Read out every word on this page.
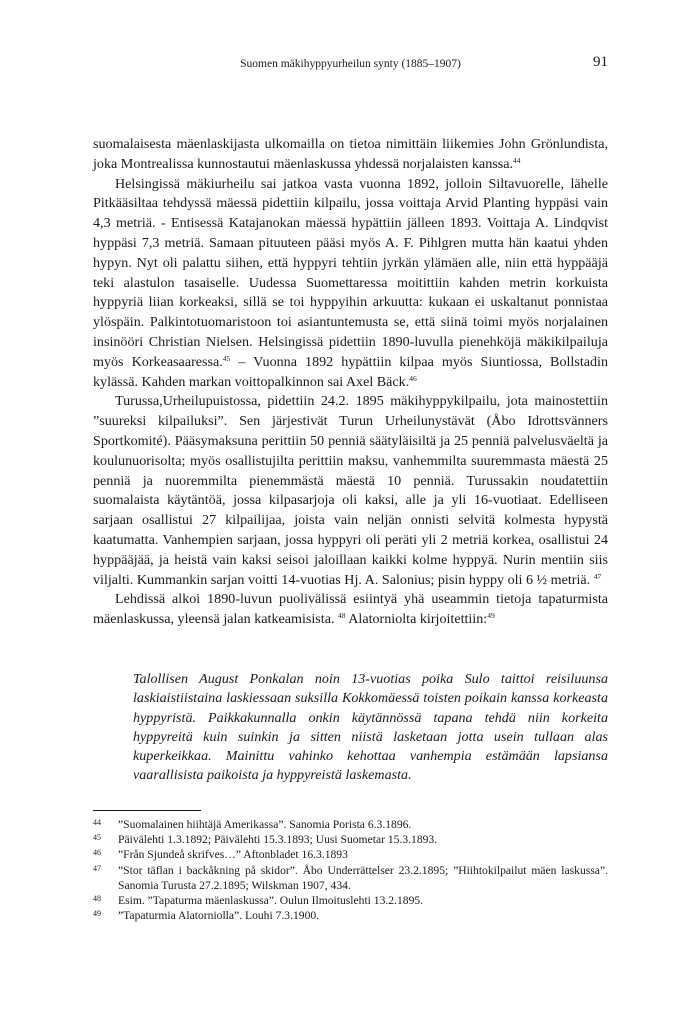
Suomen mäkihyppyurheilun synty (1885–1907)	91

suomalaisesta mäenlaskijasta ulkomailla on tietoa nimittäin liikemies John Grönlundista, joka Montrealissa kunnostautui mäenlaskussa yhdessä norjalaisten kanssa.$^{44}$

Helsingissä mäkiurheilu sai jatkoa vasta vuonna 1892, jolloin Siltavuorelle, lähelle Pitkääsiltaa tehdyssä mäessä pidettiin kilpailu, jossa voittaja Arvid Planting hyppäsi vain 4,3 metriä. - Entisessä Katajanokan mäessä hypättiin jälleen 1893. Voittaja A. Lindqvist hyppäsi 7,3 metriä. Samaan pituuteen pääsi myös A. F. Pihlgren mutta hän kaatui yhden hypyn. Nyt oli palattu siihen, että hyppyri tehtiin jyrkän ylämäen alle, niin että hyppääjä teki alastulon tasaiselle. Uudessa Suomettaressa moitittiin kahden metrin korkuista hyppyriä liian korkeaksi, sillä se toi hyppyihin arkuutta: kukaan ei uskaltanut ponnistaa ylöspäin. Palkintotuomaristoon toi asiantuntemusta se, että siinä toimi myös norjalainen insinööri Christian Nielsen. Helsingissä pidettiin 1890-luvulla pienehköjä mäkikilpailuja myös Korkeasaaressa.$^{45}$ – Vuonna 1892 hypättiin kilpaa myös Siuntiossa, Bollstadin kylässä. Kahden markan voittopalkinnon sai Axel Bäck.$^{46}$

Turussa,Urheilupuistossa, pidettiin 24.2. 1895 mäkihyppykilpailu, jota mainostettiin ”suureksi kilpailuksi”. Sen järjestivät Turun Urheilunystävät (Åbo Idrottsvänners Sportkomité). Pääsymaksuna perittiin 50 penniä säätyläisiltä ja 25 penniä palvelusväeltä ja koulunuorisolta; myös osallistujilta perittiin maksu, vanhemmilta suuremmasta mäestä 25 penniä ja nuoremmilta pienemmästä mäestä 10 penniä. Turussakin noudatettiin suomalaista käytäntöä, jossa kilpasarjoja oli kaksi, alle ja yli 16-vuotiaat. Edelliseen sarjaan osallistui 27 kilpailijaa, joista vain neljän onnisti selvitä kolmesta hypystä kaatumatta. Vanhempien sarjaan, jossa hyppyri oli peräti yli 2 metriä korkea, osallistui 24 hyppääjää, ja heistä vain kaksi seisoi jaloillaan kaikki kolme hyppyä. Nurin mentiin siis viljalti. Kummankin sarjan voitti 14-vuotias Hj. A. Salonius; pisin hyppy oli 6 ½ metriä. $^{47}$

Lehdissä alkoi 1890-luvun puolivälissä esiintyä yhä useammin tietoja tapaturmista mäenlaskussa, yleensä jalan katkeamisista. $^{48}$ Alatorniolta kirjoitettiin:$^{49}$

Talollisen August Ponkalan noin 13-vuotias poika Sulo taittoi reisiluunsa laskiaistiistaina laskiessaan suksilla Kokkomäessä toisten poikain kanssa korkeasta hyppyristä. Paikkakunnalla onkin käytännössä tapana tehdä niin korkeita hyppyreitä kuin suinkin ja sitten niistä lasketaan jotta usein tullaan alas kuperkeikkaa. Mainittu vahinko kehottaa vanhempia estämään lapsiansa vaarallisista paikoista ja hyppyreistä laskemasta.

44 ”Suomalainen hiihtäjä Amerikassa”. Sanomia Porista 6.3.1896.
45 Päivälehti 1.3.1892; Päivälehti 15.3.1893; Uusi Suometar 15.3.1893.
46 ”Från Sjundeå skrifves…” Aftonbladet 16.3.1893
47 ”Stor täflan i backåkning på skidor”. Åbo Underrättelser 23.2.1895; ”Hiihtokilpailut mäen laskussa”. Sanomia Turusta 27.2.1895; Wilskman 1907, 434.
48 Esim. ”Tapaturma mäenlaskussa”. Oulun Ilmoituslehti 13.2.1895.
49 ”Tapaturmia Alatorniolla”. Louhi 7.3.1900.
